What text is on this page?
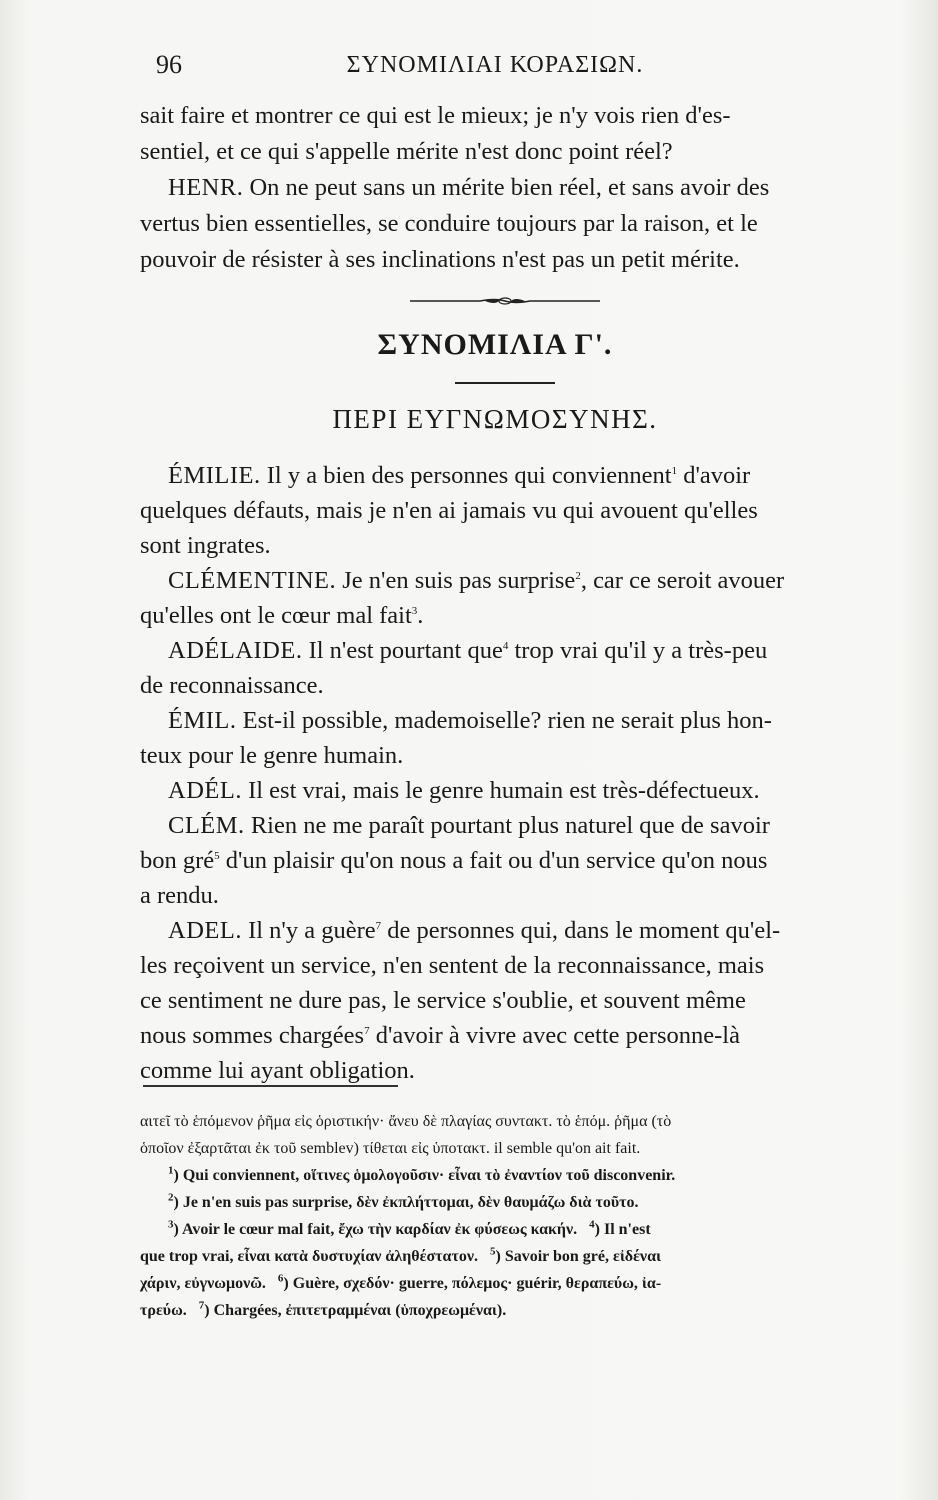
96	ΣΥΝΟΜΙΛΙΑΙ ΚΟΡΑΣΙΩΝ.
sait faire et montrer ce qui est le mieux; je n'y vois rien d'es-
sentiel, et ce qui s'appelle mérite n'est donc point réel?
HENR. On ne peut sans un mérite bien réel, et sans avoir des
vertus bien essentielles, se conduire toujours par la raison, et le
pouvoir de résister à ses inclinations n'est pas un petit mérite.
ΣΥΝΟΜΙΛΙΑ Γ'.
ΠΕΡΙ ΕΥΓΝΩΜΟΣΥΝΗΣ.

ÉMILIE. Il y a bien des personnes qui conviennent$^1$ d'avoir
quelques défauts, mais je n'en ai jamais vu qui avouent qu'elles
sont ingrates.

CLÉMENTINE. Je n'en suis pas surprise$^2$, car ce seroit avouer
qu'elles ont le cœur mal fait$^3$.

ADÉLAIDE. Il n'est pourtant que$^4$ trop vrai qu'il y a très-peu
de reconnaissance.

ÉMIL. Est-il possible, mademoiselle? rien ne serait plus hon-
teux pour le genre humain.

ADÉL. Il est vrai, mais le genre humain est très-défectueux.

CLÉM. Rien ne me paraît pourtant plus naturel que de savoir
bon gré$^5$ d'un plaisir qu'on nous a fait ou d'un service qu'on nous
a rendu.

ADEL. Il n'y a guère$^7$ de personnes qui, dans le moment qu'el-
les reçoivent un service, n'en sentent de la reconnaissance, mais
ce sentiment ne dure pas, le service s'oublie, et souvent même
nous sommes chargées$^7$ d'avoir à vivre avec cette personne-là
comme lui ayant obligation.

αιτεῖ τὸ ἑπόμενον ῥῆμα εἰς ὁριστικήν· ἄνευ δὲ πλαγίας συντακτ. τὸ ἑπόμ. ῥῆμα (τὸ
ὁποῖον ἐξαρτᾶται ἐκ τοῦ semblev) τίθεται εἰς ὑποτακτ. il semble qu'on ait fait.
$^1$) Qui conviennent, οἵτινες ὁμολογοῦσιν· εἶναι τὸ ἐναντίον τοῦ disconvenir.
$^2$) Je n'en suis pas surprise, δὲν ἐκπλήττομαι, δὲν θαυμάζω διὰ τοῦτο.
$^3$) Avoir le cœur mal fait, ἔχω τὴν καρδίαν ἐκ φύσεως κακήν. $^4$) Il n'est
que trop vrai, εἶναι κατὰ δυστυχίαν ἀληθέστατον. $^5$) Savoir bon gré, εἰδέναι
χάριν, εὐγνωμονῶ. $^6$) Guère, σχεδόν· guerre, πόλεμος· guérir, θεραπεύω, ἰα-
τρεύω. $^7$) Chargées, ἐπιτετραμμέναι (ὑποχρεωμέναι).
